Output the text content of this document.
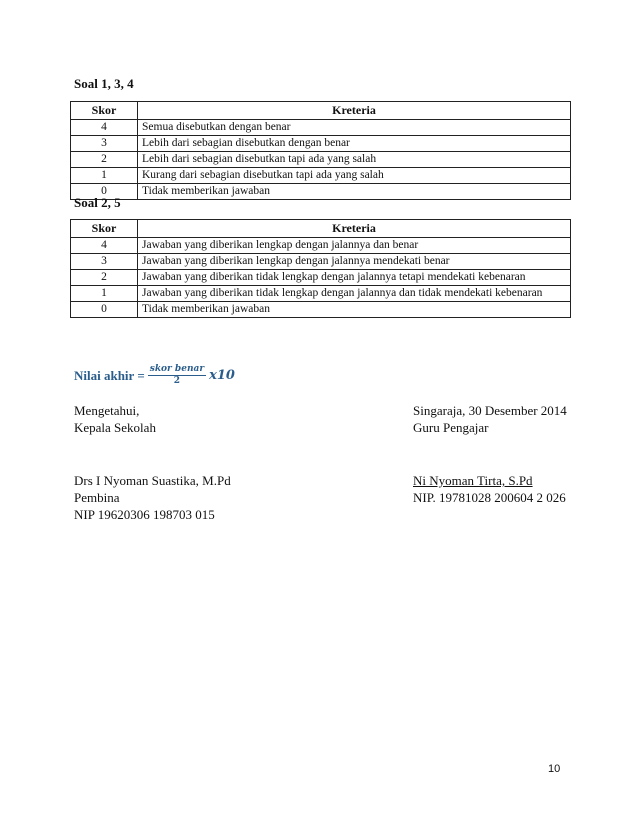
Soal 1, 3, 4
Skor	Kreteria
4	Semua disebutkan dengan benar
3	Lebih dari sebagian disebutkan dengan benar
2	Lebih dari sebagian disebutkan tapi ada yang salah
1	Kurang dari sebagian disebutkan tapi ada yang salah
0	Tidak memberikan jawaban
Soal 2, 5
Skor	Kreteria
4	Jawaban yang diberikan lengkap dengan jalannya dan benar
3	Jawaban yang diberikan lengkap dengan jalannya mendekati benar
2	Jawaban yang diberikan tidak lengkap dengan jalannya tetapi mendekati kebenaran
1	Jawaban yang diberikan tidak lengkap dengan jalannya dan tidak mendekati kebenaran
0	Tidak memberikan jawaban
Nilai akhir = $\frac{\text{skor benar}}{2} x10$
Mengetahui,
Kepala Sekolah
Singaraja, 30 Desember 2014
Guru Pengajar
Drs I Nyoman Suastika, M.Pd
Pembina
NIP 19620306 198703 015
Ni Nyoman Tirta, S.Pd
NIP. 19781028 200604 2 026
10
